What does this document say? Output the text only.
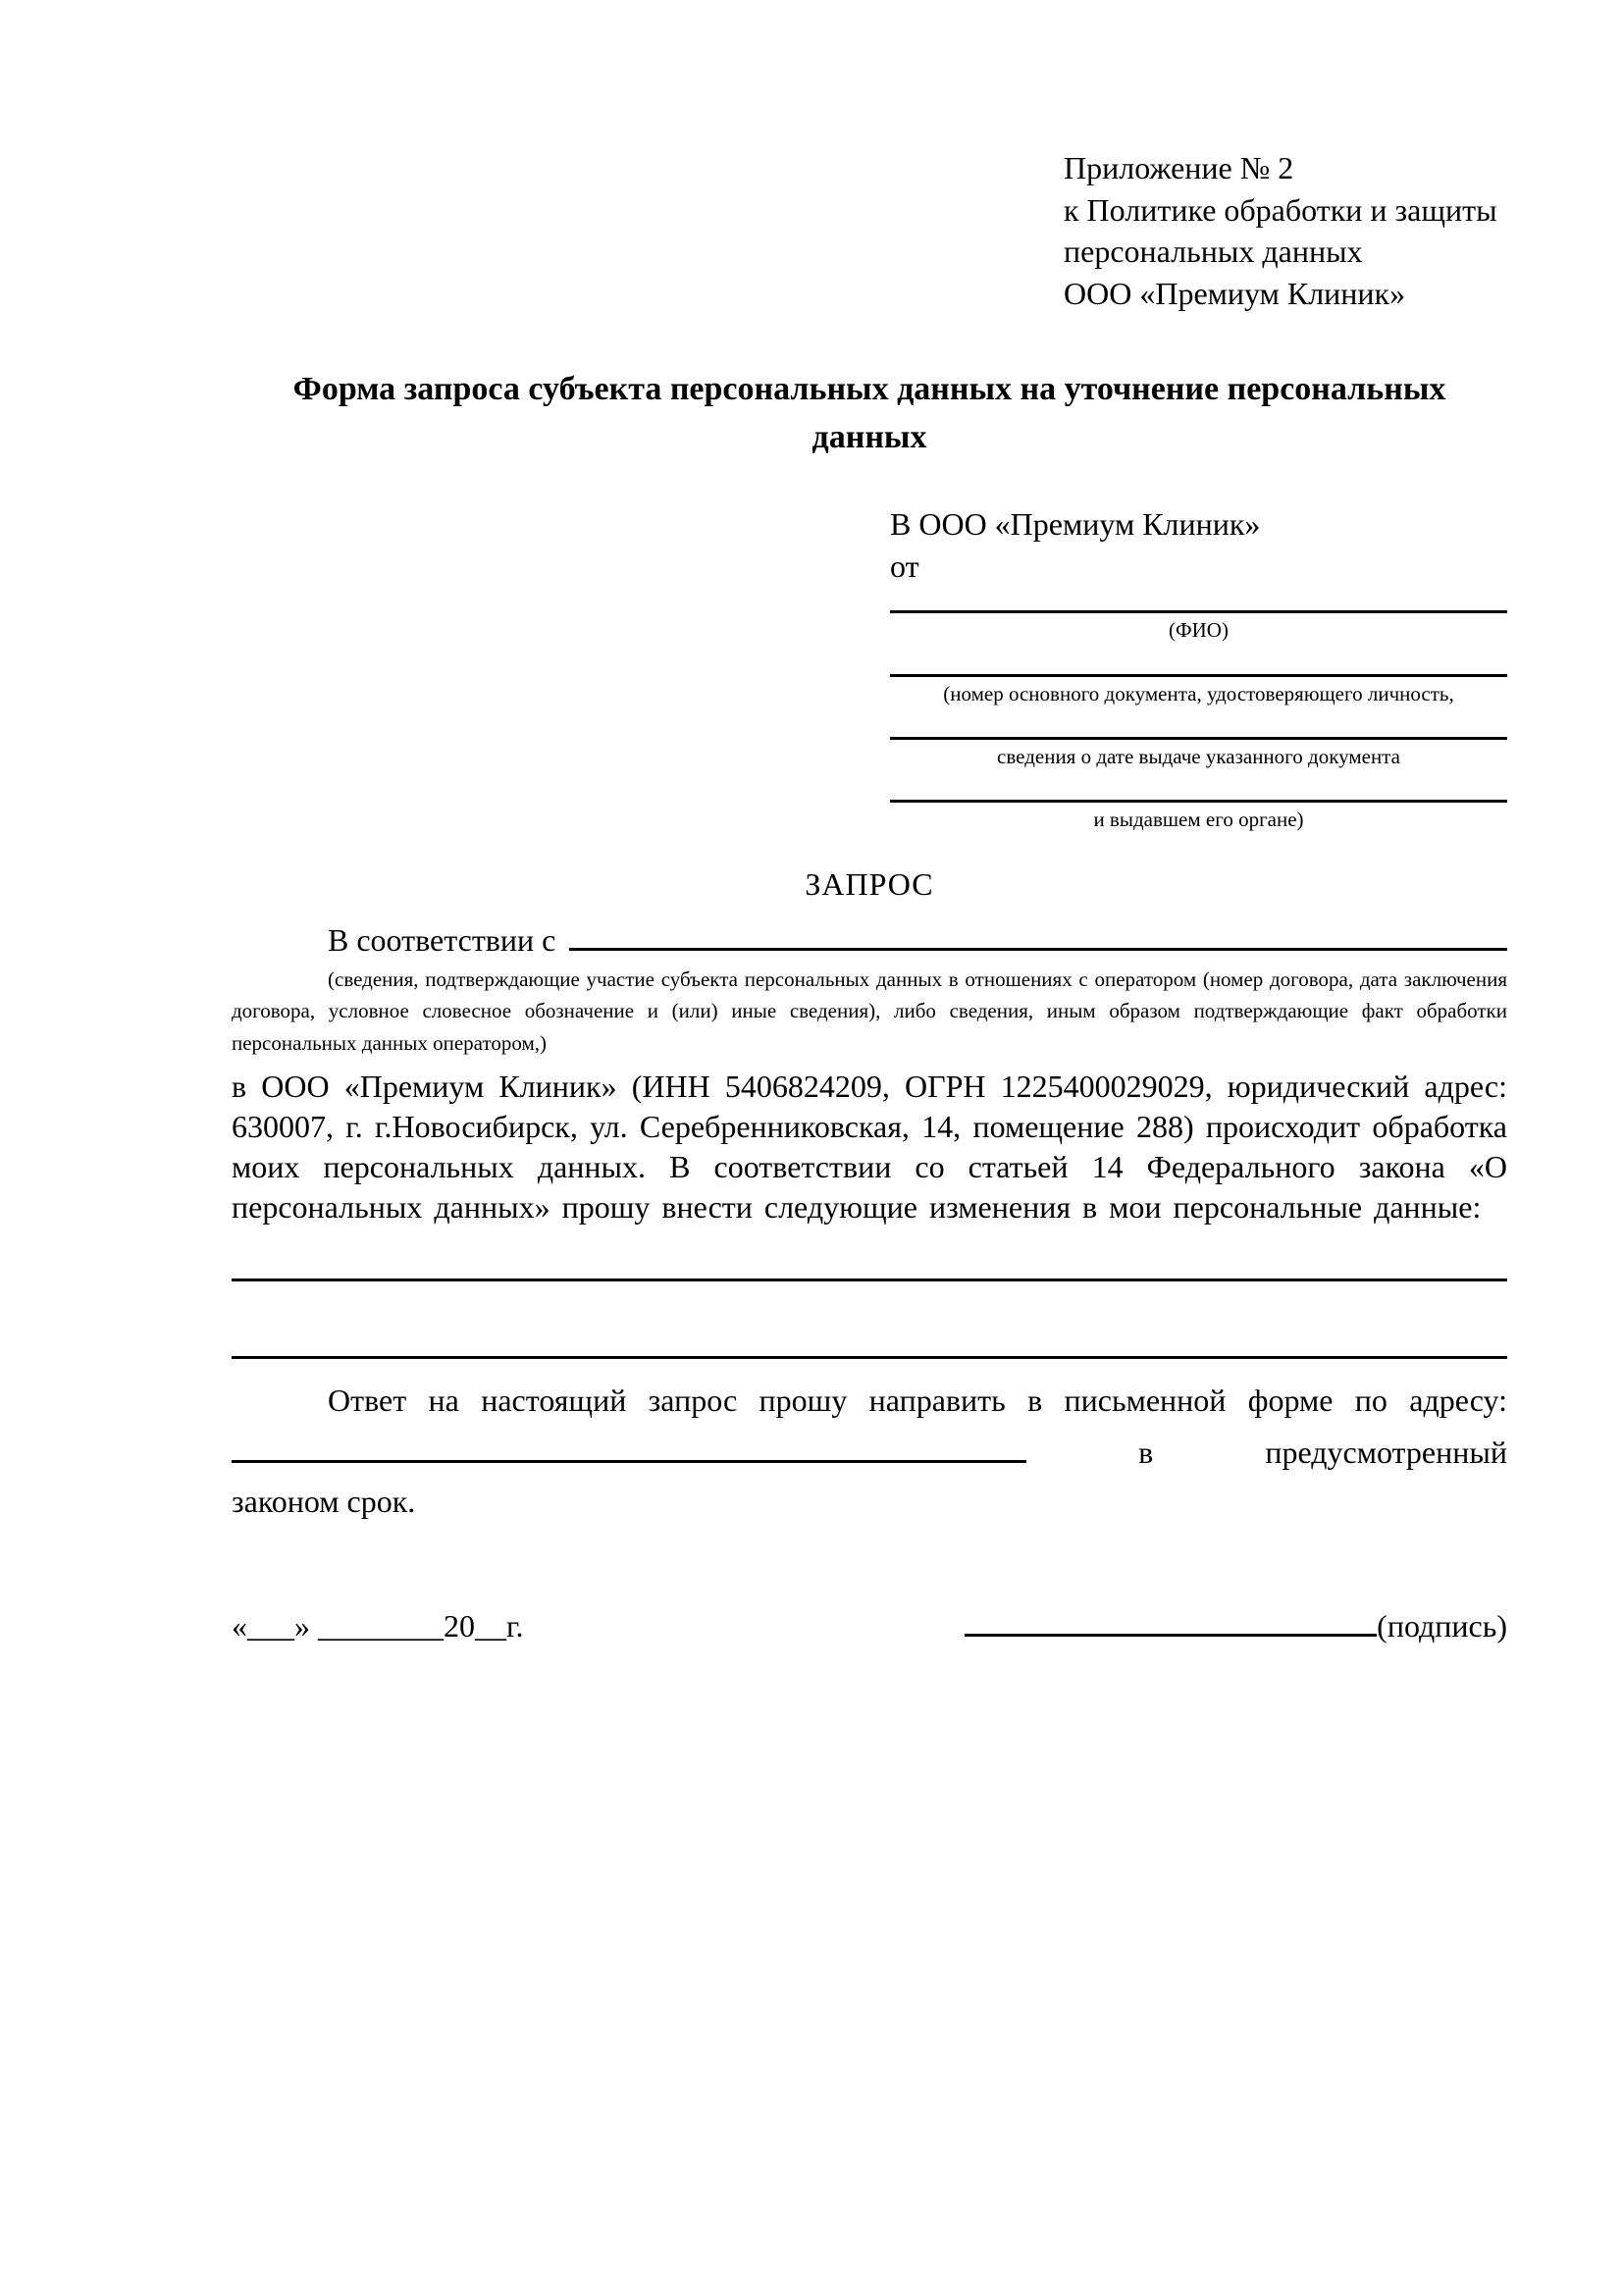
Приложение № 2
к Политике обработки и защиты
персональных данных
ООО «Премиум Клиник»
Форма запроса субъекта персональных данных на уточнение персональных данных
В ООО «Премиум Клиник»
от
(ФИО)
(номер основного документа, удостоверяющего личность,
сведения о дате выдаче указанного документа
и выдавшем его органе)
ЗАПРОС
В соответствии с
(сведения, подтверждающие участие субъекта персональных данных в отношениях с оператором (номер договора, дата заключения договора, условное словесное обозначение и (или) иные сведения), либо сведения, иным образом подтверждающие факт обработки персональных данных оператором,)
в ООО «Премиум Клиник» (ИНН 5406824209, ОГРН 1225400029029, юридический адрес: 630007, г. г.Новосибирск, ул. Серебренниковская, 14, помещение 288) происходит обработка моих персональных данных. В соответствии со статьей 14 Федерального закона «О персональных данных» прошу внести следующие изменения в мои персональные данные:
Ответ на настоящий запрос прошу направить в письменной форме по адресу:
в	предусмотренный
законом срок.
«___» ________20__г.	(подпись)
